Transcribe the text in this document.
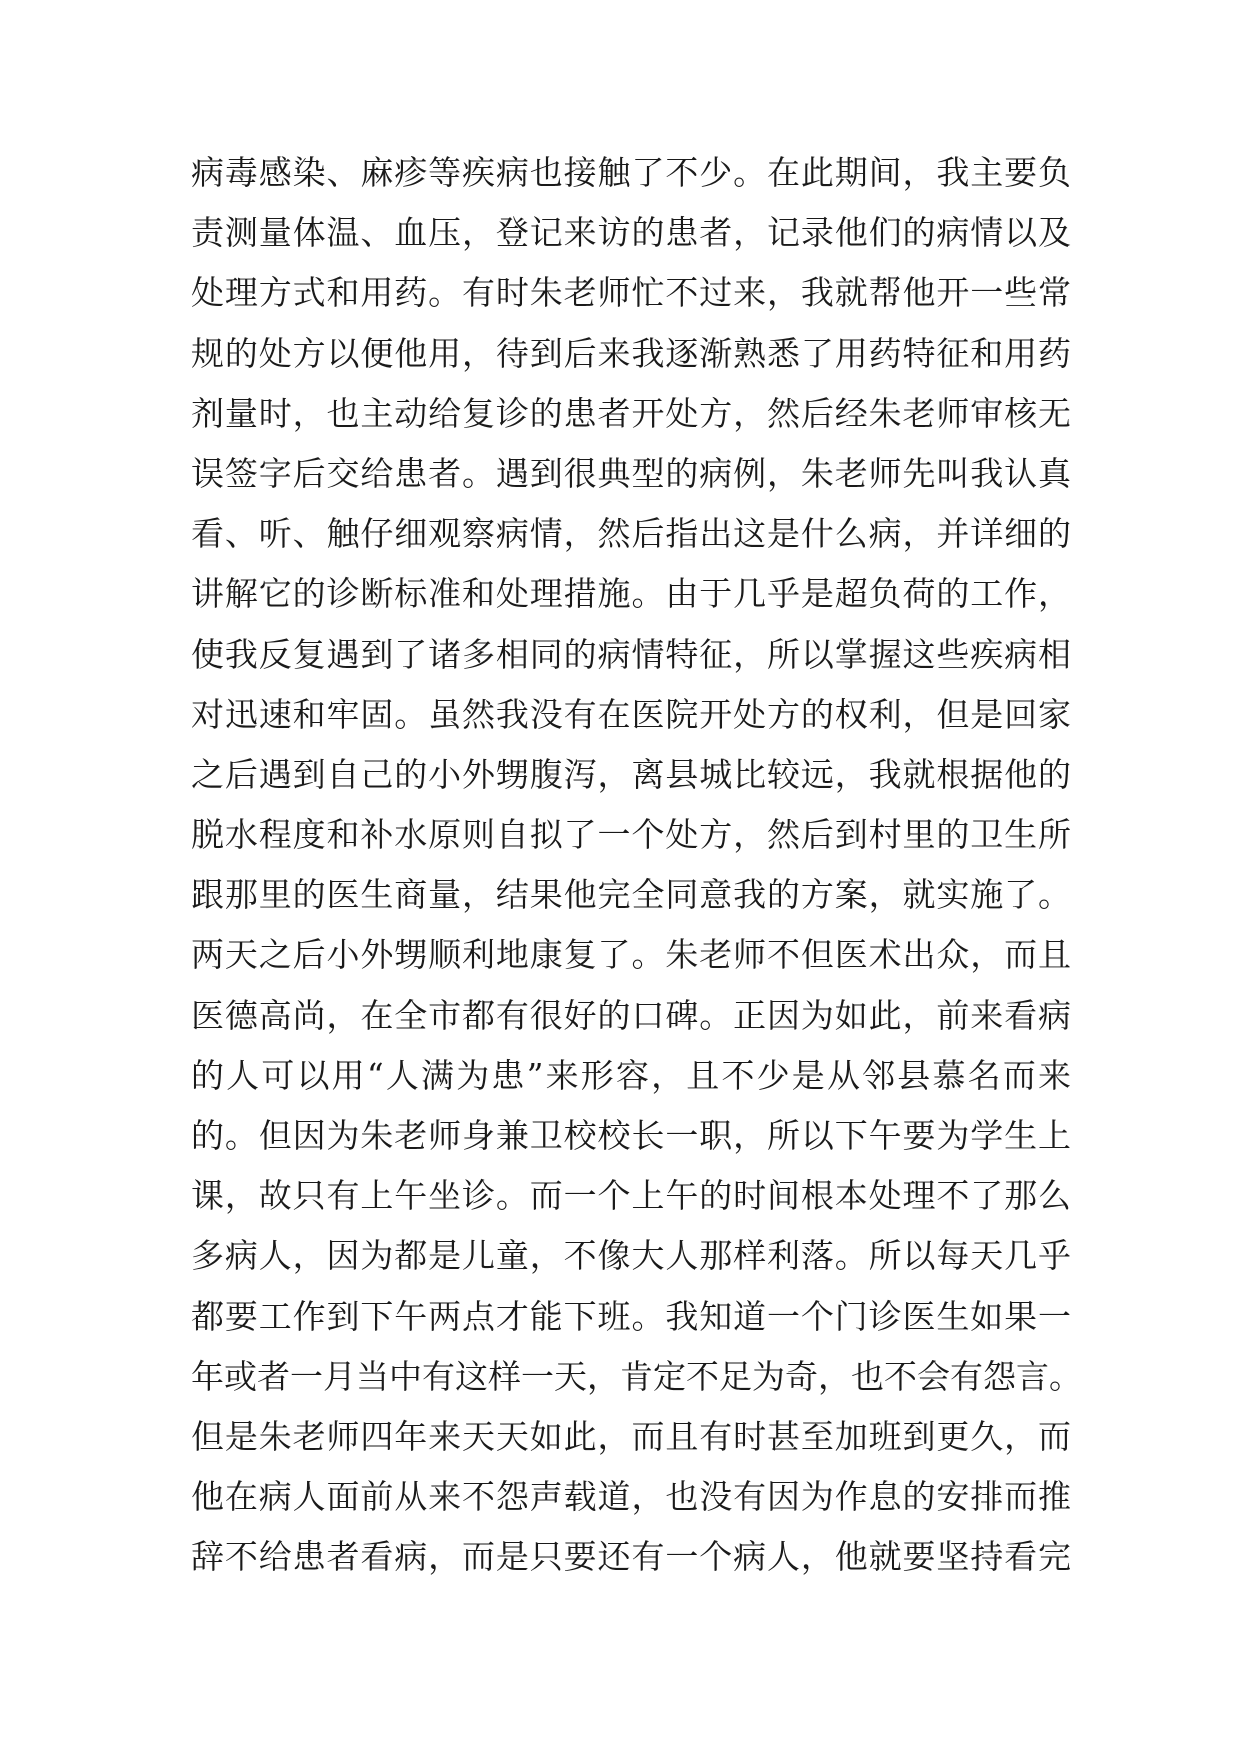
病毒感染、麻疹等疾病也接触了不少。在此期间，我主要负
责测量体温、血压，登记来访的患者，记录他们的病情以及
处理方式和用药。有时朱老师忙不过来，我就帮他开一些常
规的处方以便他用，待到后来我逐渐熟悉了用药特征和用药
剂量时，也主动给复诊的患者开处方，然后经朱老师审核无
误签字后交给患者。遇到很典型的病例，朱老师先叫我认真
看、听、触仔细观察病情，然后指出这是什么病，并详细的
讲解它的诊断标准和处理措施。由于几乎是超负荷的工作，
使我反复遇到了诸多相同的病情特征，所以掌握这些疾病相
对迅速和牢固。虽然我没有在医院开处方的权利，但是回家
之后遇到自己的小外甥腹泻，离县城比较远，我就根据他的
脱水程度和补水原则自拟了一个处方，然后到村里的卫生所
跟那里的医生商量，结果他完全同意我的方案，就实施了。
两天之后小外甥顺利地康复了。朱老师不但医术出众，而且
医德高尚，在全市都有很好的口碑。正因为如此，前来看病
的人可以用“人满为患”来形容，且不少是从邻县慕名而来
的。但因为朱老师身兼卫校校长一职，所以下午要为学生上
课，故只有上午坐诊。而一个上午的时间根本处理不了那么
多病人，因为都是儿童，不像大人那样利落。所以每天几乎
都要工作到下午两点才能下班。我知道一个门诊医生如果一
年或者一月当中有这样一天，肯定不足为奇，也不会有怨言。
但是朱老师四年来天天如此，而且有时甚至加班到更久，而
他在病人面前从来不怨声载道，也没有因为作息的安排而推
辞不给患者看病，而是只要还有一个病人，他就要坚持看完
